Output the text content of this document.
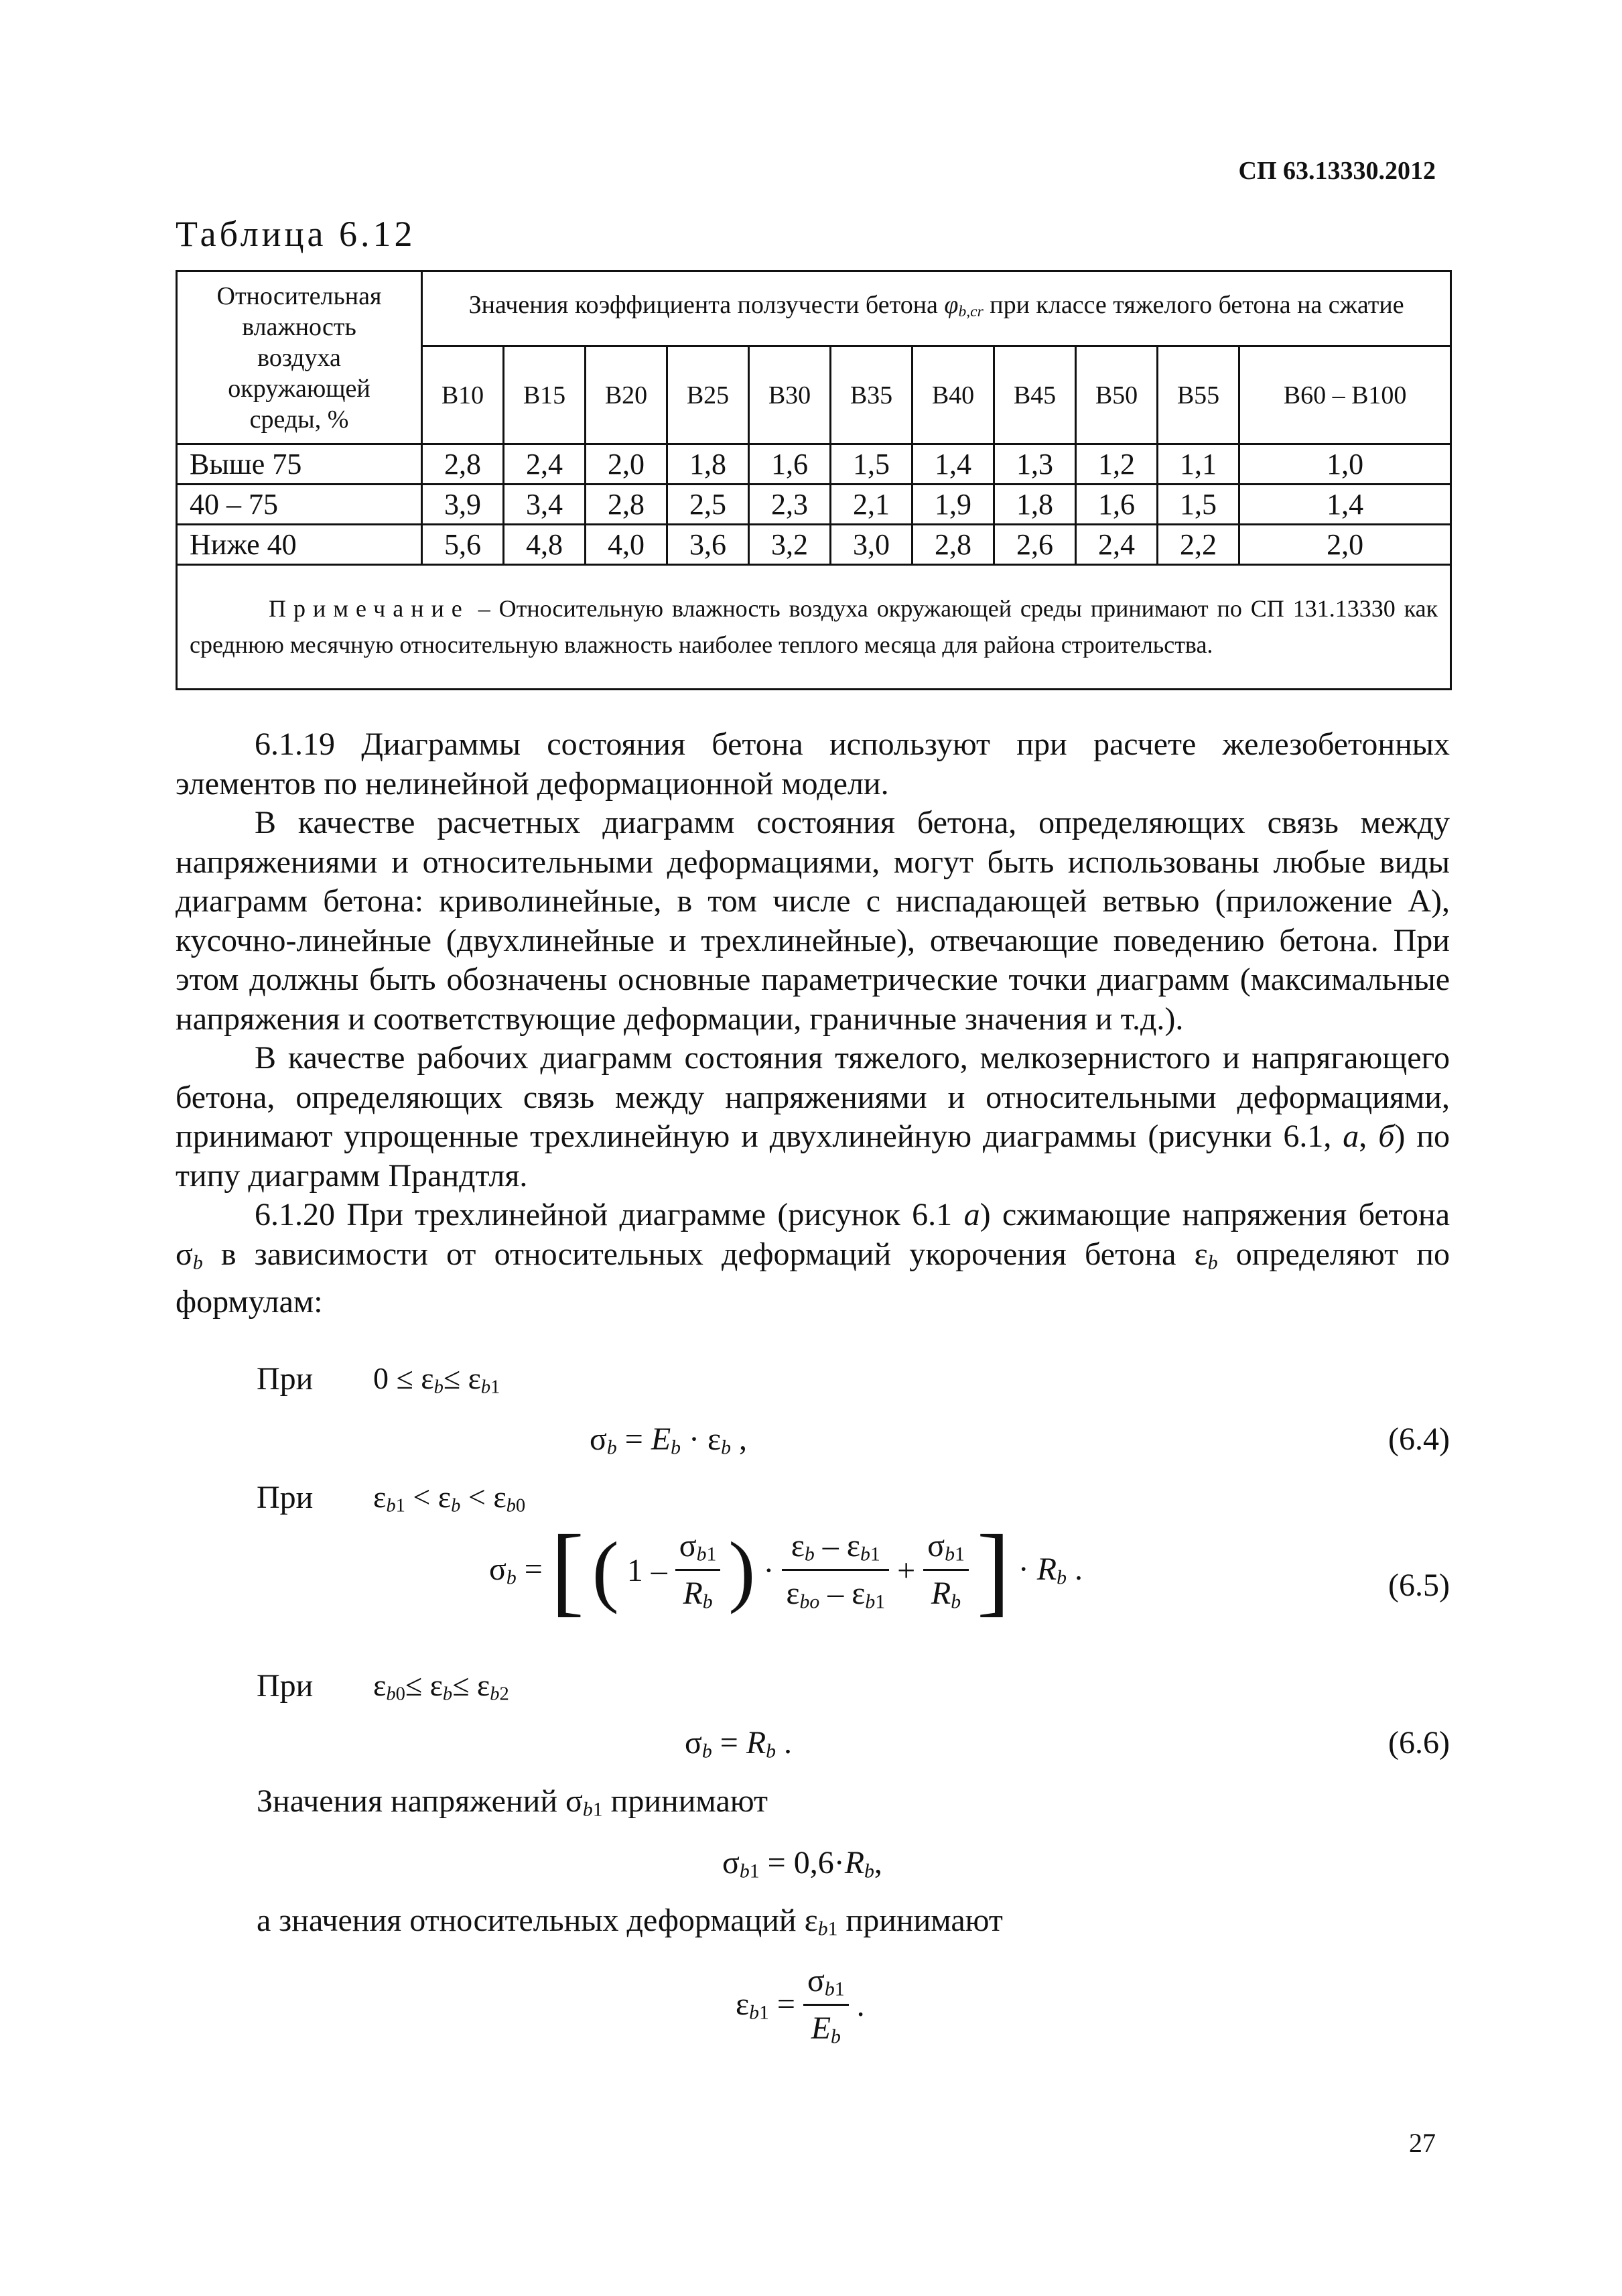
СП 63.13330.2012
Таблица 6.12
Относительная
влажность
воздуха
окружающей
среды, %	Значения коэффициента ползучести бетона $\varphi_{b,cr}$ при классе тяжелого бетона на сжатие										
	B10	B15	B20	B25	B30	B35	B40	B45	B50	B55	B60 – B100
Выше 75	2,8	2,4	2,0	1,8	1,6	1,5	1,4	1,3	1,2	1,1	1,0
40 – 75	3,9	3,4	2,8	2,5	2,3	2,1	1,9	1,8	1,6	1,5	1,4
Ниже 40	5,6	4,8	4,0	3,6	3,2	3,0	2,8	2,6	2,4	2,2	2,0
Примечание – Относительную влажность воздуха окружающей среды принимают по СП 131.13330 как среднюю месячную относительную влажность наиболее теплого месяца для района строительства.											

6.1.19 Диаграммы состояния бетона используют при расчете железобетонных элементов по нелинейной деформационной модели.

В качестве расчетных диаграмм состояния бетона, определяющих связь между напряжениями и относительными деформациями, могут быть использованы любые виды диаграмм бетона: криволинейные, в том числе с ниспадающей ветвью (приложение А), кусочно-линейные (двухлинейные и трехлинейные), отвечающие поведению бетона. При этом должны быть обозначены основные параметрические точки диаграмм (максимальные напряжения и соответствующие деформации, граничные значения и т.д.).

В качестве рабочих диаграмм состояния тяжелого, мелкозернистого и напрягающего бетона, определяющих связь между напряжениями и относительными деформациями, принимают упрощенные трехлинейную и двухлинейную диаграммы (рисунки 6.1, а, б) по типу диаграмм Прандтля.

6.1.20 При трехлинейной диаграмме (рисунок 6.1 а) сжимающие напряжения бетона $\sigma_b$ в зависимости от относительных деформаций укорочения бетона $\varepsilon_b$ определяют по формулам:

При $0 \le \varepsilon_b\le \varepsilon_{b1}$
$\sigma_b = E_b \cdot \varepsilon_b$ ,	(6.4)
При $\varepsilon_{b1} < \varepsilon_b < \varepsilon_{b0}$
$\sigma_b$ = [ ( $1 - \frac{\sigma_{b1}}{R_b}$ ) · $\frac{\varepsilon_b - \varepsilon_{b1}}{\varepsilon_{bo} - \varepsilon_{b1}} + \frac{\sigma_{b1}}{R_b}$ ] · $R_b$ .	(6.5)
При $\varepsilon_{b0}\le \varepsilon_b\le \varepsilon_{b2}$
$\sigma_b = R_b$ .	(6.6)
Значения напряжений $\sigma_{b1}$ принимают
$\sigma_{b1} = 0,6\cdot R_b$,
а значения относительных деформаций $\varepsilon_{b1}$ принимают
$\varepsilon_{b1} = \frac{\sigma_{b1}}{E_b}$ .
27
